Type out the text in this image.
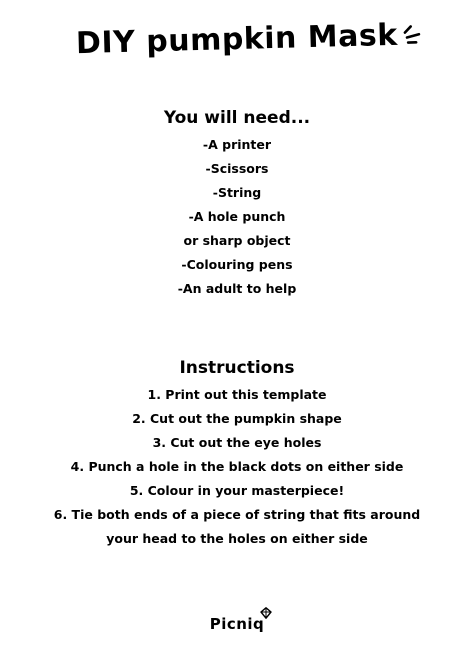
DIY pumpkin Mask

You will need...

-A printer

-Scissors

-String

-A hole punch

or sharp object

-Colouring pens

-An adult to help

Instructions

1. Print out this template

2. Cut out the pumpkin shape

3. Cut out the eye holes

4. Punch a hole in the black dots on either side

5. Colour in your masterpiece!

6. Tie both ends of a piece of string that fits around

your head to the holes on either side

Picniq
